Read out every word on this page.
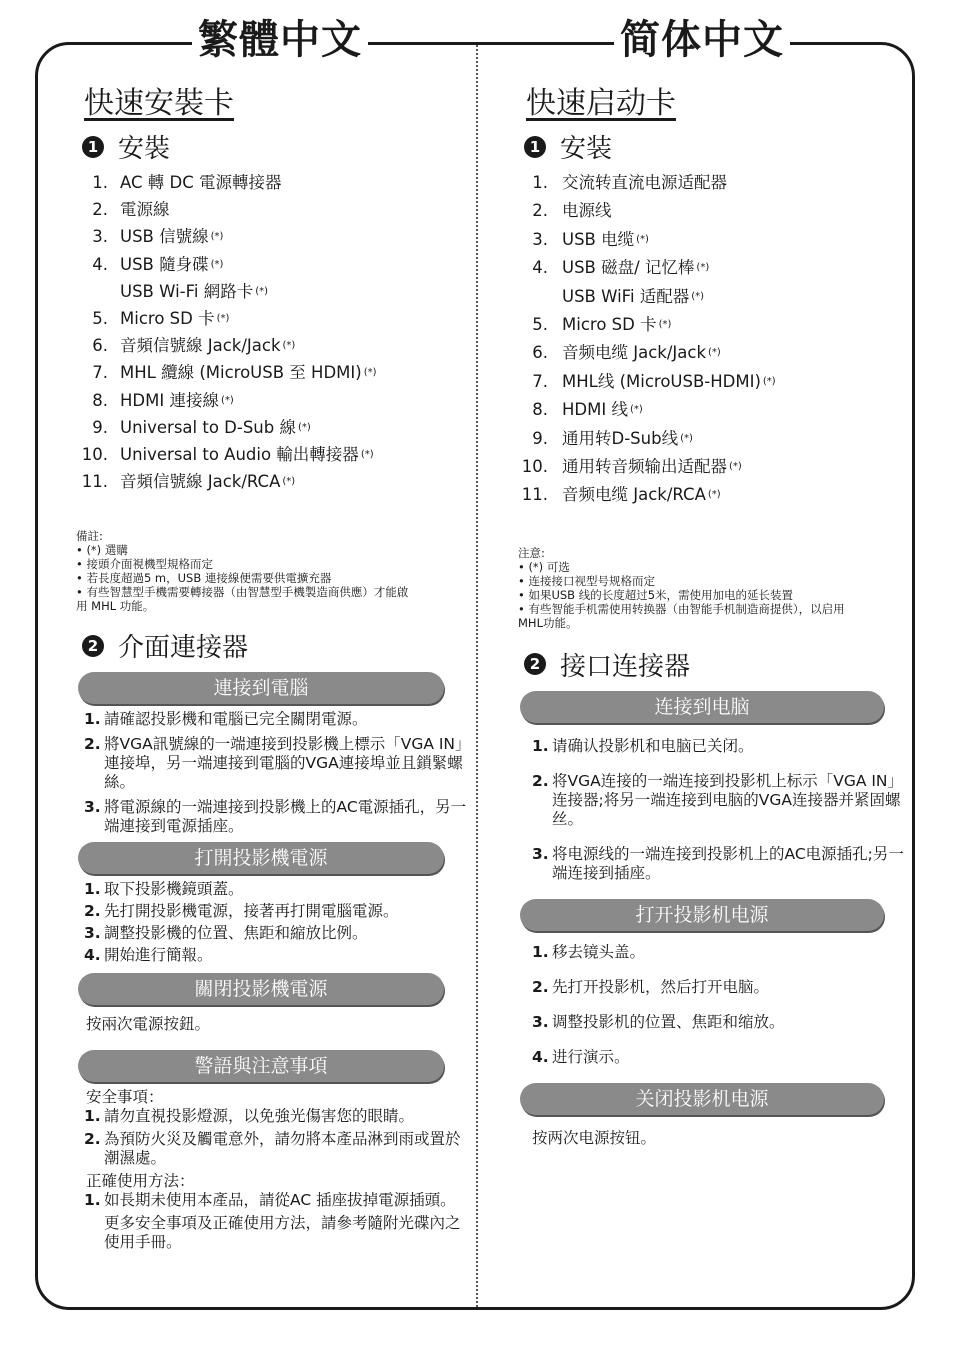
繁體中文	简体中文
快速安裝卡
1 安裝
1. AC 轉 DC 電源轉接器
2. 電源線
3. USB 信號線 (*)
4. USB 隨身碟 (*)
USB Wi-Fi 網路卡 (*)
5. Micro SD 卡 (*)
6. 音頻信號線 Jack/Jack (*)
7. MHL 纜線 (MicroUSB 至 HDMI) (*)
8. HDMI 連接線 (*)
9. Universal to D-Sub 線 (*)
10. Universal to Audio 輸出轉接器 (*)
11. 音頻信號線 Jack/RCA (*)
備註:
• (*) 選購
• 接頭介面視機型規格而定
• 若長度超過5 m，USB 連接線便需要供電擴充器
• 有些智慧型手機需要轉接器（由智慧型手機製造商供應）才能啟
用 MHL 功能。
2 介面連接器
連接到電腦
1. 請確認投影機和電腦已完全關閉電源。
2. 將VGA訊號線的一端連接到投影機上標示「VGA IN」連接埠，另一端連接到電腦的VGA連接埠並且鎖緊螺絲。
3. 將電源線的一端連接到投影機上的AC電源插孔，另一端連接到電源插座。
打開投影機電源
1. 取下投影機鏡頭蓋。
2. 先打開投影機電源，接著再打開電腦電源。
3. 調整投影機的位置、焦距和縮放比例。
4. 開始進行簡報。
關閉投影機電源
按兩次電源按鈕。
警語與注意事項
安全事項：
1. 請勿直視投影燈源，以免強光傷害您的眼睛。
2. 為預防火災及觸電意外，請勿將本產品淋到雨或置於潮濕處。
正確使用方法：
1. 如長期未使用本產品，請從AC 插座拔掉電源插頭。
更多安全事項及正確使用方法，請參考隨附光碟內之使用手冊。
快速启动卡
1 安装
1. 交流转直流电源适配器
2. 电源线
3. USB 电缆 (*)
4. USB 磁盘/ 记忆棒 (*)
USB WiFi 适配器 (*)
5. Micro SD 卡 (*)
6. 音频电缆 Jack/Jack (*)
7. MHL线 (MicroUSB-HDMI) (*)
8. HDMI 线 (*)
9. 通用转D-Sub线 (*)
10. 通用转音频输出适配器 (*)
11. 音频电缆 Jack/RCA (*)
注意:
• (*) 可选
• 连接接口视型号规格而定
• 如果USB 线的长度超过5米，需使用加电的延长装置
• 有些智能手机需使用转换器（由智能手机制造商提供），以启用
MHL功能。
2 接口连接器
连接到电脑
1. 请确认投影机和电脑已关闭。
2. 将VGA连接的一端连接到投影机上标示「VGA IN」连接器;将另一端连接到电脑的VGA连接器并紧固螺丝。
3. 将电源线的一端连接到投影机上的AC电源插孔;另一端连接到插座。
打开投影机电源
1. 移去镜头盖。
2. 先打开投影机，然后打开电脑。
3. 调整投影机的位置、焦距和缩放。
4. 进行演示。
关闭投影机电源
按两次电源按钮。
